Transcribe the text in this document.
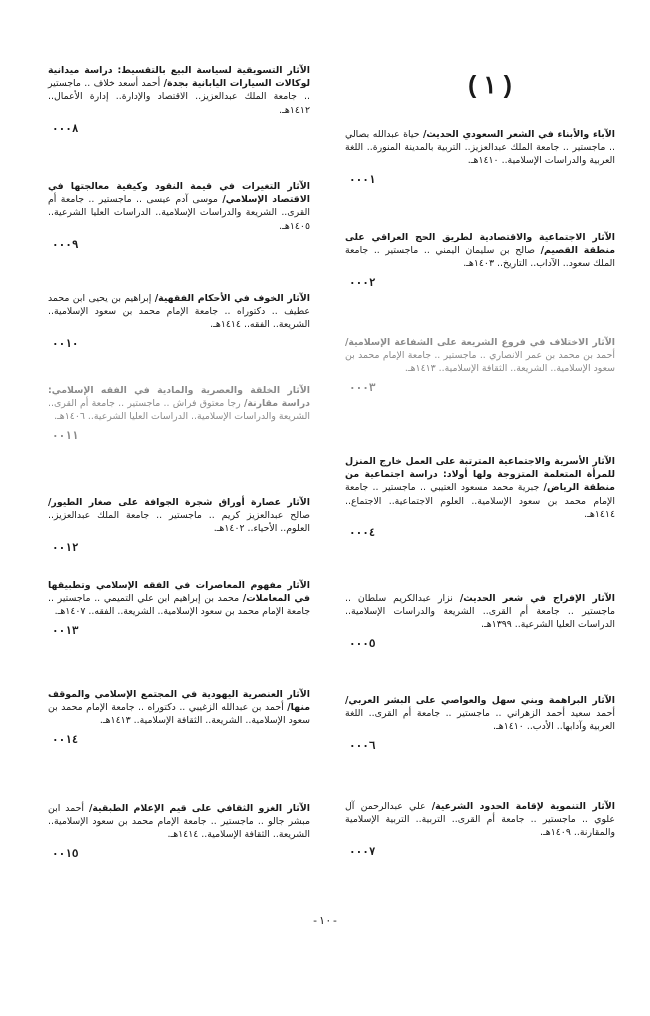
( ١ )
الآباء والأبناء في الشعر السعودي الحديث/ حياة عبدالله بصالي .. ماجستير .. جامعة الملك عبدالعزيز.. التربية بالمدينة المنورة.. اللغة العربية والدراسات الإسلامية.. ١٤١٠هـ.
٠٠٠١
الآثار الاجتماعية والاقتصادية لطريق الحج العراقي على منطقة القصيم/ صالح بن سليمان اليمني .. ماجستير .. جامعة الملك سعود.. الآداب.. التاريخ.. ١٤٠٣هـ.
٠٠٠٢
الآثار الاختلاف في فروع الشريعة على الشفاعة الإسلامية/ أحمد بن محمد بن عمر الانصاري .. ماجستير .. جامعة الإمام محمد بن سعود الإسلامية.. الشريعة.. الثقافة الإسلامية.. ١٤١٣هـ.
٠٠٠٣
الآثار الأسرية والاجتماعية المترتبة على العمل خارج المنزل للمرأة المتعلمة المتزوجة ولها أولاد: دراسة اجتماعية من منطقة الرياض/ جبرية محمد مسعود العتيبي .. ماجستير .. جامعة الإمام محمد بن سعود الإسلامية.. العلوم الاجتماعية.. الاجتماع.. ١٤١٤هـ.
٠٠٠٤
الآثار الإفراج في شعر الحديث/ نزار عبدالكريم سلطان .. ماجستير .. جامعة أم القرى.. الشريعة والدراسات الإسلامية.. الدراسات العليا الشرعية.. ١٣٩٩هـ.
٠٠٠٥
الآثار البراهمة وبني سهل والعواصي على البشر العربي/ أحمد سعيد أحمد الزهراني .. ماجستير .. جامعة أم القرى.. اللغة العربية وآدابها.. الأدب.. ١٤١٠هـ.
٠٠٠٦
الآثار التنموية لإقامة الحدود الشرعية/ علي عبدالرحمن آل علوي .. ماجستير .. جامعة أم القرى.. التربية.. التربية الإسلامية والمقارنة.. ١٤٠٩هـ.
٠٠٠٧
الآثار التسويقية لسياسة البيع بالتقسيط: دراسة ميدانية لوكالات السيارات اليابانية بجدة/ أحمد أسعد خلاف .. ماجستير .. جامعة الملك عبدالعزيز.. الاقتصاد والإدارة.. إدارة الأعمال.. ١٤١٢هـ.
٠٠٠٨
الآثار التغيرات في قيمة النقود وكيفية معالجتها في الاقتصاد الإسلامي/ موسى آدم عيسى .. ماجستير .. جامعة أم القرى.. الشريعة والدراسات الإسلامية.. الدراسات العليا الشرعية.. ١٤٠٥هـ.
٠٠٠٩
الآثار الخوف في الأحكام الفقهية/ إبراهيم بن يحيى ابن محمد عطيف .. دكتوراه .. جامعة الإمام محمد بن سعود الإسلامية.. الشريعة.. الفقه.. ١٤١٤هـ.
٠٠١٠
الآثار الخلقة والعصرية والمادية في الفقه الإسلامي: دراسة مقارنة/ رجا معتوق فراش .. ماجستير .. جامعة أم القرى.. الشريعة والدراسات الإسلامية.. الدراسات العليا الشرعية.. ١٤٠٦هـ.
٠٠١١
الآثار عصارة أوراق شجرة الجوافة على صغار الطيور/ صالح عبدالعزيز كريم .. ماجستير .. جامعة الملك عبدالعزيز.. العلوم.. الأحياء.. ١٤٠٢هـ.
٠٠١٢
الآثار مفهوم المعاصرات في الفقه الإسلامي وتطبيقها في المعاملات/ محمد بن إبراهيم ابن علي التميمي .. ماجستير .. جامعة الإمام محمد بن سعود الإسلامية.. الشريعة.. الفقه.. ١٤٠٧هـ.
٠٠١٣
الآثار العنصرية اليهودية في المجتمع الإسلامي والموقف منها/ أحمد بن عبدالله الزغيبي .. دكتوراه .. جامعة الإمام محمد بن سعود الإسلامية.. الشريعة.. الثقافة الإسلامية.. ١٤١٣هـ.
٠٠١٤
الآثار الغزو الثقافي على قيم الإعلام الطبقية/ أحمد ابن مبشر جالو .. ماجستير .. جامعة الإمام محمد بن سعود الإسلامية.. الشريعة.. الثقافة الإسلامية.. ١٤١٤هـ.
٠٠١٥
-١٠-
